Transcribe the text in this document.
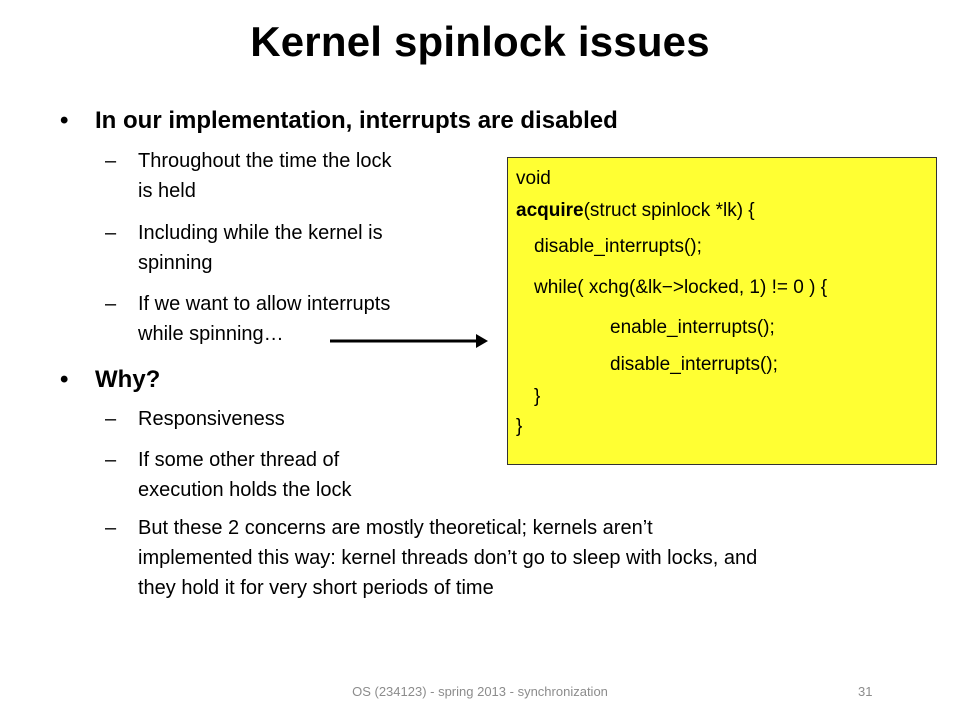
Kernel spinlock issues
• In our implementation, interrupts are disabled
– Throughout the time the lock
is held
– Including while the kernel is
spinning
– If we want to allow interrupts
while spinning…
• Why?
– Responsiveness
– If some other thread of
execution holds the lock
– But these 2 concerns are mostly theoretical; kernels aren’t
implemented this way: kernel threads don’t go to sleep with locks, and
they hold it for very short periods of time
void
acquire(struct spinlock *lk) {
disable_interrupts();
while( xchg(&lk−>locked, 1) != 0 ) {
enable_interrupts();
disable_interrupts();
}
}
OS (234123) - spring 2013 - synchronization	31
